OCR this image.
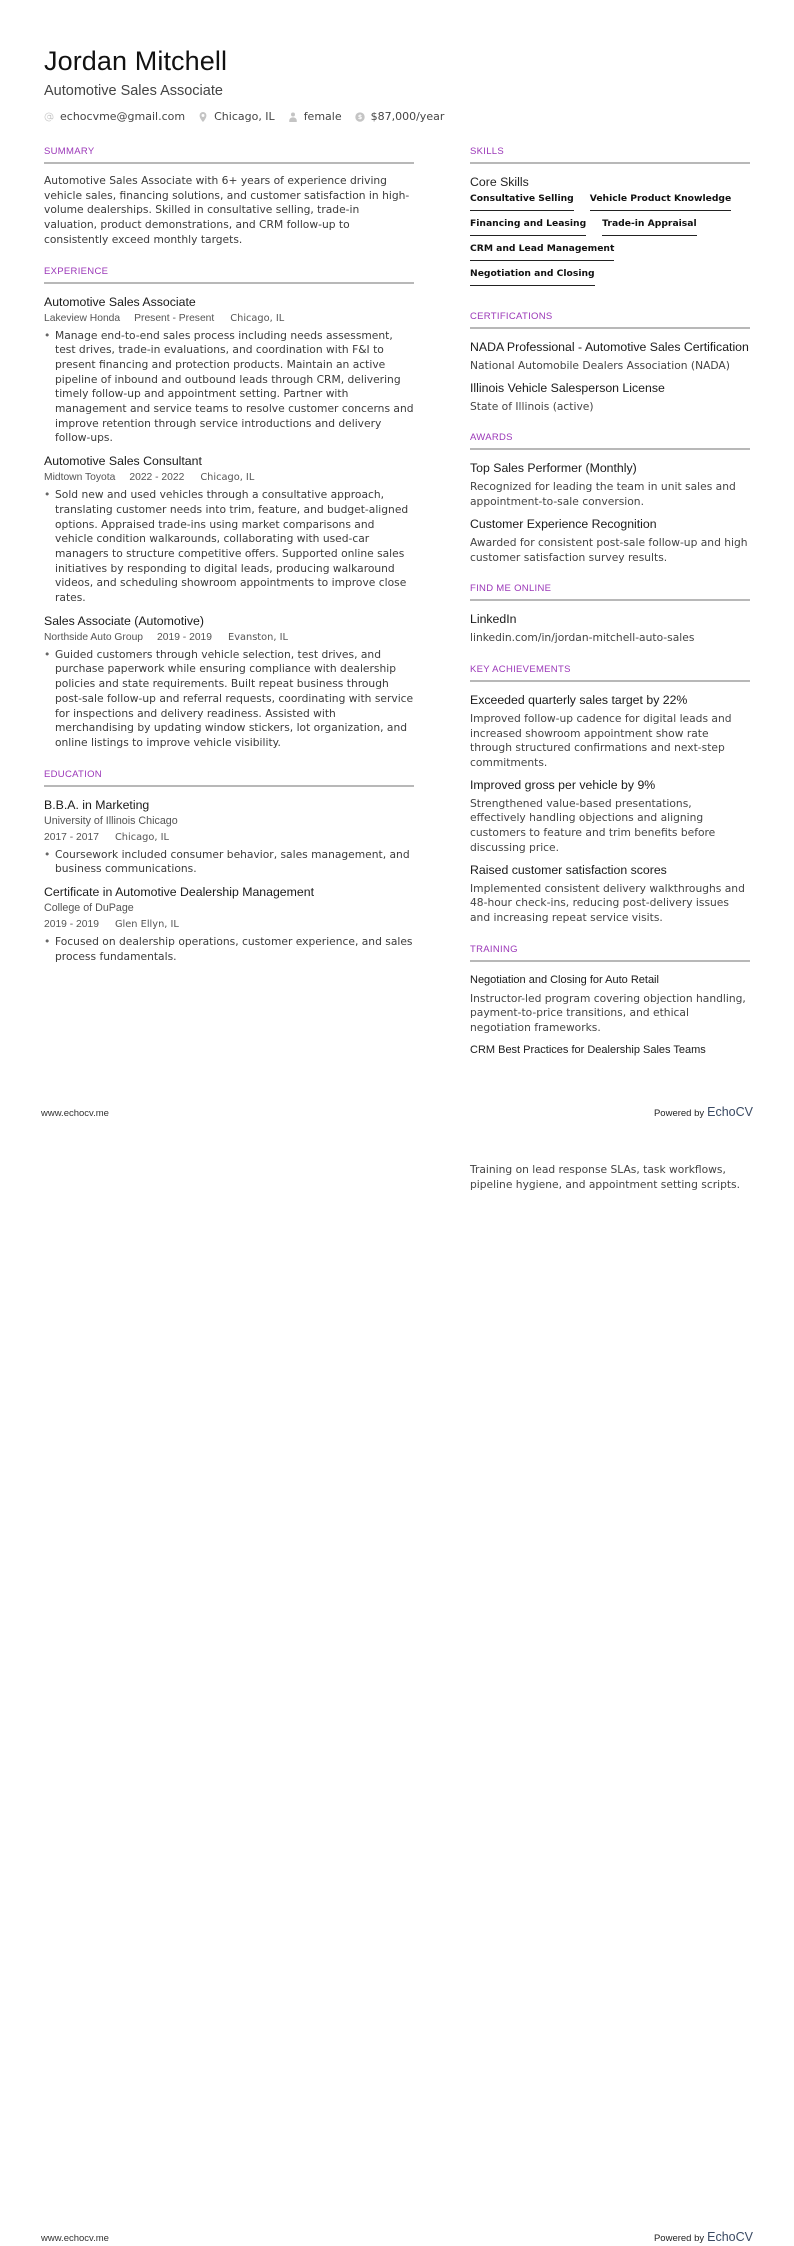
Jordan Mitchell
Automotive Sales Associate
echocvme@gmail.com	Chicago, IL	female $ $87,000/year
SUMMARY
Automotive Sales Associate with 6+ years of experience driving vehicle sales, financing solutions, and customer satisfaction in high-volume dealerships. Skilled in consultative selling, trade-in valuation, product demonstrations, and CRM follow-up to consistently exceed monthly targets.
EXPERIENCE
Automotive Sales Associate
Lakeview Honda Present - Present Chicago, IL
• Manage end-to-end sales process including needs assessment, test drives, trade-in evaluations, and coordination with F&I to present financing and protection products. Maintain an active pipeline of inbound and outbound leads through CRM, delivering timely follow-up and appointment setting. Partner with management and service teams to resolve customer concerns and improve retention through service introductions and delivery follow-ups.
Automotive Sales Consultant
Midtown Toyota 2022 - 2022 Chicago, IL
• Sold new and used vehicles through a consultative approach, translating customer needs into trim, feature, and budget-aligned options. Appraised trade-ins using market comparisons and vehicle condition walkarounds, collaborating with used-car managers to structure competitive offers. Supported online sales initiatives by responding to digital leads, producing walkaround videos, and scheduling showroom appointments to improve close rates.
Sales Associate (Automotive)
Northside Auto Group 2019 - 2019 Evanston, IL
• Guided customers through vehicle selection, test drives, and purchase paperwork while ensuring compliance with dealership policies and state requirements. Built repeat business through post-sale follow-up and referral requests, coordinating with service for inspections and delivery readiness. Assisted with merchandising by updating window stickers, lot organization, and online listings to improve vehicle visibility.
EDUCATION
B.B.A. in Marketing
University of Illinois Chicago
2017 - 2017 Chicago, IL
• Coursework included consumer behavior, sales management, and business communications.
Certificate in Automotive Dealership Management
College of DuPage
2019 - 2019 Glen Ellyn, IL
• Focused on dealership operations, customer experience, and sales process fundamentals.
SKILLS
Core Skills
Consultative Selling Vehicle Product Knowledge
Financing and Leasing Trade-in Appraisal
CRM and Lead Management
Negotiation and Closing
CERTIFICATIONS
NADA Professional - Automotive Sales Certification
National Automobile Dealers Association (NADA)
Illinois Vehicle Salesperson License
State of Illinois (active)
AWARDS
Top Sales Performer (Monthly)
Recognized for leading the team in unit sales and appointment-to-sale conversion.
Customer Experience Recognition
Awarded for consistent post-sale follow-up and high customer satisfaction survey results.
FIND ME ONLINE
LinkedIn
linkedin.com/in/jordan-mitchell-auto-sales
KEY ACHIEVEMENTS
Exceeded quarterly sales target by 22%
Improved follow-up cadence for digital leads and increased showroom appointment show rate through structured confirmations and next-step commitments.
Improved gross per vehicle by 9%
Strengthened value-based presentations, effectively handling objections and aligning customers to feature and trim benefits before discussing price.
Raised customer satisfaction scores
Implemented consistent delivery walkthroughs and 48-hour check-ins, reducing post-delivery issues and increasing repeat service visits.
TRAINING
Negotiation and Closing for Auto Retail
Instructor-led program covering objection handling, payment-to-price transitions, and ethical negotiation frameworks.
CRM Best Practices for Dealership Sales Teams
www.echocv.me	Powered by EchoCV
Training on lead response SLAs, task workflows, pipeline hygiene, and appointment setting scripts.
www.echocv.me	Powered by EchoCV
